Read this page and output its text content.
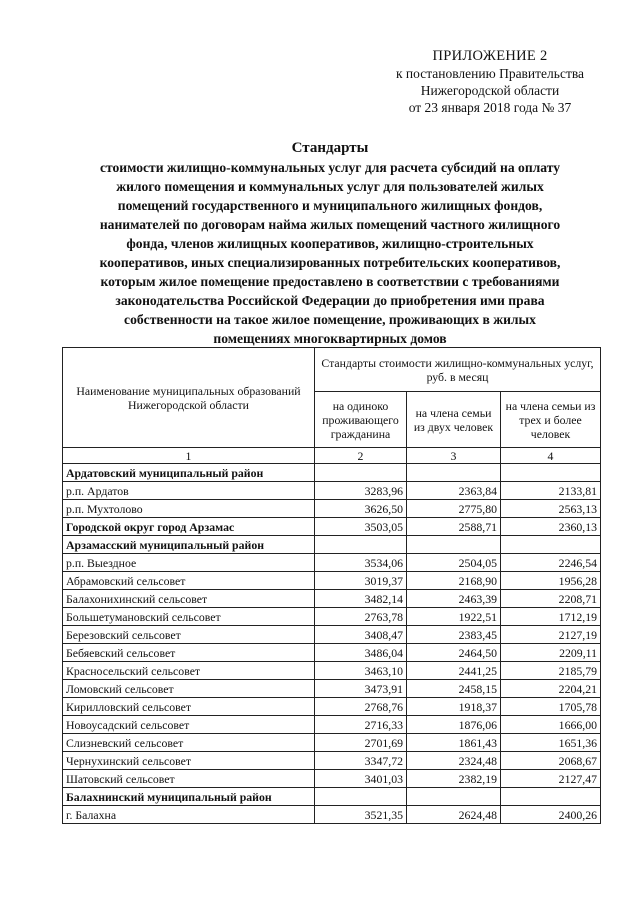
ПРИЛОЖЕНИЕ 2
к постановлению Правительства
Нижегородской области
от 23 января 2018 года № 37
Стандарты
стоимости жилищно-коммунальных услуг для расчета субсидий на оплату
жилого помещения и коммунальных услуг для пользователей жилых
помещений государственного и муниципального жилищных фондов,
нанимателей по договорам найма жилых помещений частного жилищного
фонда, членов жилищных кооперативов, жилищно-строительных
кооперативов, иных специализированных потребительских кооперативов,
которым жилое помещение предоставлено в соответствии с требованиями
законодательства Российской Федерации до приобретения ими права
собственности на такое жилое помещение, проживающих в жилых
помещениях многоквартирных домов
Наименование муниципальных образований Нижегородской области	Стандарты стоимости жилищно-коммунальных услуг, руб. в месяц		
	на одиноко проживающего гражданина	на члена семьи из двух человек	на члена семьи из трех и более человек
1	2	3	4
Ардатовский муниципальный район			
р.п. Ардатов	3283,96	2363,84	2133,81
р.п. Мухтолово	3626,50	2775,80	2563,13
Городской округ город Арзамас	3503,05	2588,71	2360,13
Арзамасский муниципальный район			
р.п. Выездное	3534,06	2504,05	2246,54
Абрамовский сельсовет	3019,37	2168,90	1956,28
Балахонихинский сельсовет	3482,14	2463,39	2208,71
Большетумановский сельсовет	2763,78	1922,51	1712,19
Березовский сельсовет	3408,47	2383,45	2127,19
Бебяевский сельсовет	3486,04	2464,50	2209,11
Красносельский сельсовет	3463,10	2441,25	2185,79
Ломовский сельсовет	3473,91	2458,15	2204,21
Кирилловский сельсовет	2768,76	1918,37	1705,78
Новоусадский сельсовет	2716,33	1876,06	1666,00
Слизневский сельсовет	2701,69	1861,43	1651,36
Чернухинский сельсовет	3347,72	2324,48	2068,67
Шатовский сельсовет	3401,03	2382,19	2127,47
Балахнинский муниципальный район			
г. Балахна	3521,35	2624,48	2400,26
